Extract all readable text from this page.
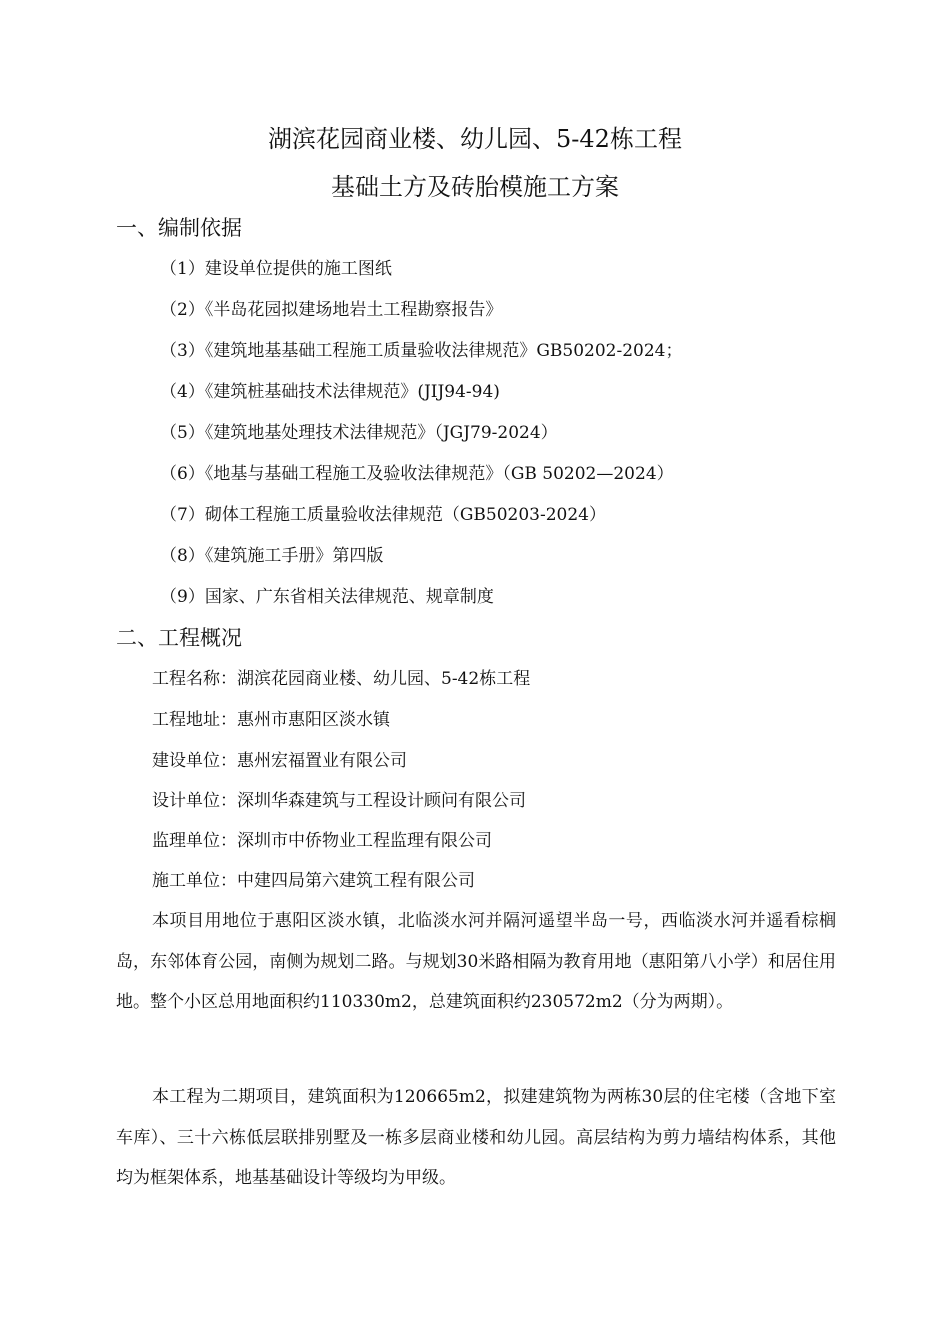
湖滨花园商业楼、幼儿园、5-42栋工程
基础土方及砖胎模施工方案
一、编制依据
（1）建设单位提供的施工图纸
（2）《半岛花园拟建场地岩土工程勘察报告》
（3）《建筑地基基础工程施工质量验收法律规范》GB50202-2024；
（4）《建筑桩基础技术法律规范》(JIJ94-94)
（5）《建筑地基处理技术法律规范》（JGJ79-2024）
（6）《地基与基础工程施工及验收法律规范》（GB 50202—2024）
（7）砌体工程施工质量验收法律规范（GB50203-2024）
（8）《建筑施工手册》第四版
（9）国家、广东省相关法律规范、规章制度
二、工程概况
工程名称：湖滨花园商业楼、幼儿园、5-42栋工程
工程地址：惠州市惠阳区淡水镇
建设单位：惠州宏福置业有限公司
设计单位：深圳华森建筑与工程设计顾问有限公司
监理单位：深圳市中侨物业工程监理有限公司
施工单位：中建四局第六建筑工程有限公司
本项目用地位于惠阳区淡水镇，北临淡水河并隔河遥望半岛一号，西临淡水河并遥看棕榈岛，东邻体育公园，南侧为规划二路。与规划30米路相隔为教育用地（惠阳第八小学）和居住用地。整个小区总用地面积约110330m2，总建筑面积约230572m2（分为两期）。
本工程为二期项目，建筑面积为120665m2，拟建建筑物为两栋30层的住宅楼（含地下室车库）、三十六栋低层联排别墅及一栋多层商业楼和幼儿园。高层结构为剪力墙结构体系，其他均为框架体系，地基基础设计等级均为甲级。
